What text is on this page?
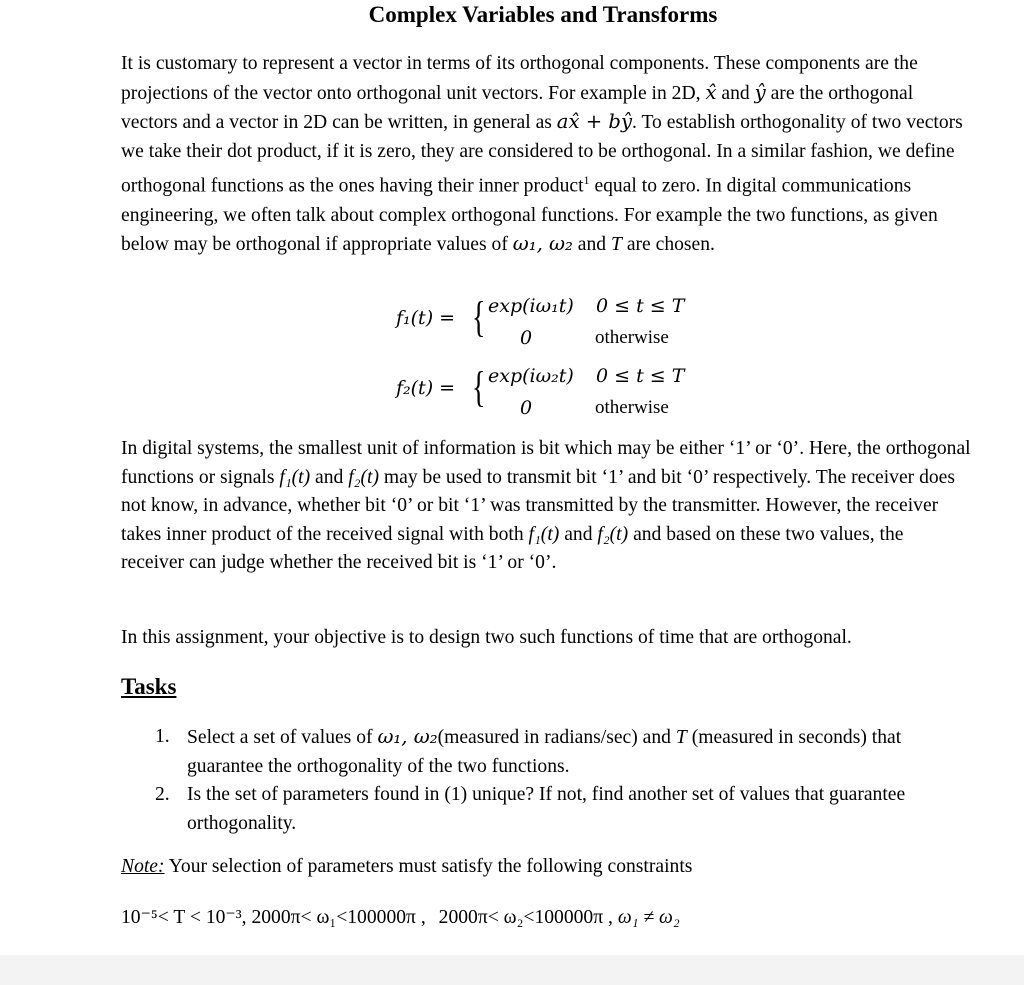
Complex Variables and Transforms

It is customary to represent a vector in terms of its orthogonal components. These components are the projections of the vector onto orthogonal unit vectors. For example in 2D, x̂ and ŷ are the orthogonal vectors and a vector in 2D can be written, in general as ax̂ + bŷ. To establish orthogonality of two vectors we take their dot product, if it is zero, they are considered to be orthogonal. In a similar fashion, we define orthogonal functions as the ones having their inner product$^1$ equal to zero. In digital communications engineering, we often talk about complex orthogonal functions. For example the two functions, as given below may be orthogonal if appropriate values of ω₁, ω₂ and T are chosen.

f₁(t) = { exp(iω₁t) 0 ≤ t ≤ T
0	otherwise
f₂(t) = { exp(iω₂t) 0 ≤ t ≤ T
0	otherwise

In digital systems, the smallest unit of information is bit which may be either ‘1’ or ‘0’. Here, the orthogonal functions or signals f₁(t) and f₂(t) may be used to transmit bit ‘1’ and bit ‘0’ respectively. The receiver does not know, in advance, whether bit ‘0’ or bit ‘1’ was transmitted by the transmitter. However, the receiver takes inner product of the received signal with both f₁(t) and f₂(t) and based on these two values, the receiver can judge whether the received bit is ‘1’ or ‘0’.

In this assignment, your objective is to design two such functions of time that are orthogonal.

Tasks
1. Select a set of values of ω₁, ω₂(measured in radians/sec) and T (measured in seconds) that guarantee the orthogonality of the two functions.
2. Is the set of parameters found in (1) unique? If not, find another set of values that guarantee orthogonality.
Note: Your selection of parameters must satisfy the following constraints
10⁻⁵< T < 10⁻³, 2000π< ω₁<100000π , 2000π< ω₂<100000π , ω₁ ≠ ω₂
